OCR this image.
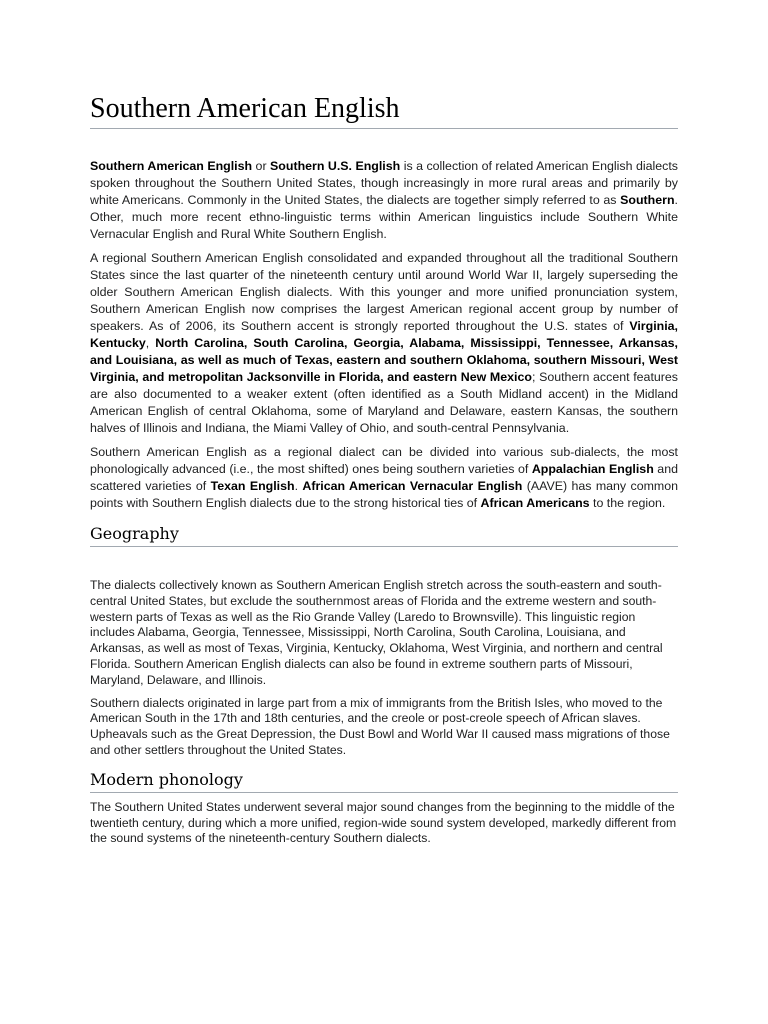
Southern American English

Southern American English or Southern U.S. English is a collection of related American English dialects spoken throughout the Southern United States, though increasingly in more rural areas and primarily by white Americans. Commonly in the United States, the dialects are together simply referred to as Southern. Other, much more recent ethno-linguistic terms within American linguistics include Southern White Vernacular English and Rural White Southern English.

A regional Southern American English consolidated and expanded throughout all the traditional Southern States since the last quarter of the nineteenth century until around World War II, largely superseding the older Southern American English dialects. With this younger and more unified pronunciation system, Southern American English now comprises the largest American regional accent group by number of speakers. As of 2006, its Southern accent is strongly reported throughout the U.S. states of Virginia, Kentucky, North Carolina, South Carolina, Georgia, Alabama, Mississippi, Tennessee, Arkansas, and Louisiana, as well as much of Texas, eastern and southern Oklahoma, southern Missouri, West Virginia, and metropolitan Jacksonville in Florida, and eastern New Mexico; Southern accent features are also documented to a weaker extent (often identified as a South Midland accent) in the Midland American English of central Oklahoma, some of Maryland and Delaware, eastern Kansas, the southern halves of Illinois and Indiana, the Miami Valley of Ohio, and south-central Pennsylvania.

Southern American English as a regional dialect can be divided into various sub-dialects, the most phonologically advanced (i.e., the most shifted) ones being southern varieties of Appalachian English and scattered varieties of Texan English. African American Vernacular English (AAVE) has many common points with Southern English dialects due to the strong historical ties of African Americans to the region.

Geography

The dialects collectively known as Southern American English stretch across the south-eastern and south-central United States, but exclude the southernmost areas of Florida and the extreme western and south-western parts of Texas as well as the Rio Grande Valley (Laredo to Brownsville). This linguistic region includes Alabama, Georgia, Tennessee, Mississippi, North Carolina, South Carolina, Louisiana, and Arkansas, as well as most of Texas, Virginia, Kentucky, Oklahoma, West Virginia, and northern and central Florida. Southern American English dialects can also be found in extreme southern parts of Missouri, Maryland, Delaware, and Illinois.

Southern dialects originated in large part from a mix of immigrants from the British Isles, who moved to the American South in the 17th and 18th centuries, and the creole or post-creole speech of African slaves. Upheavals such as the Great Depression, the Dust Bowl and World War II caused mass migrations of those and other settlers throughout the United States.

Modern phonology

The Southern United States underwent several major sound changes from the beginning to the middle of the twentieth century, during which a more unified, region-wide sound system developed, markedly different from the sound systems of the nineteenth-century Southern dialects.
